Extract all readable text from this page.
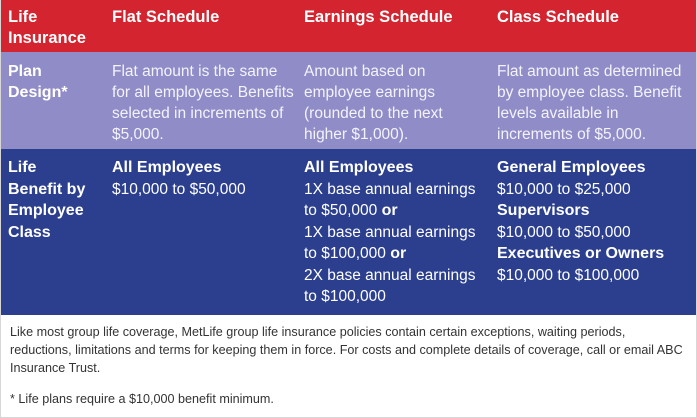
Life
Insurance
Flat Schedule	Earnings Schedule	Class Schedule
Plan
Design*
Flat amount is the same for all employees. Benefits selected in increments of $5,000.
Amount based on employee earnings (rounded to the next higher $1,000).
Flat amount as determined by employee class. Benefit levels available in increments of $5,000.
Life
Benefit by
Employee
Class
All Employees
$10,000 to $50,000
All Employees
1X base annual earnings to $50,000 or
1X base annual earnings to $100,000 or
2X base annual earnings to $100,000
General Employees
$10,000 to $25,000
Supervisors
$10,000 to $50,000
Executives or Owners
$10,000 to $100,000

Like most group life coverage, MetLife group life insurance policies contain certain exceptions, waiting periods, reductions, limitations and terms for keeping them in force. For costs and complete details of coverage, call or email ABC Insurance Trust.

* Life plans require a $10,000 benefit minimum.
